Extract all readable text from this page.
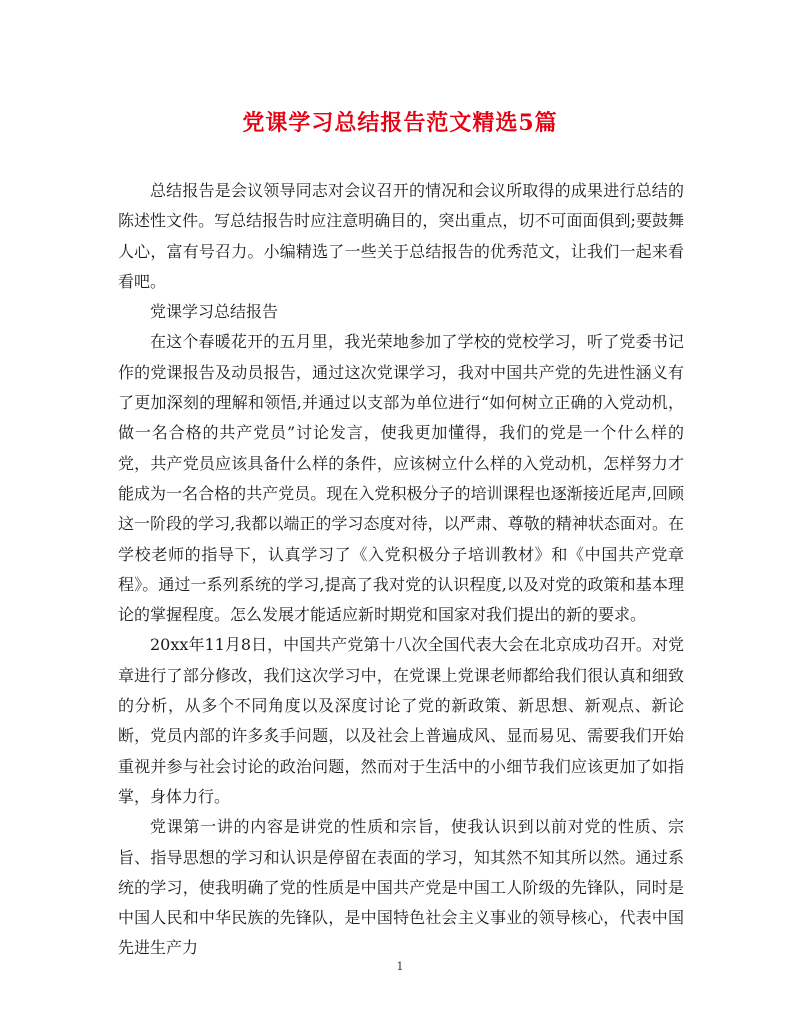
党课学习总结报告范文精选5篇

总结报告是会议领导同志对会议召开的情况和会议所取得的成果进行总结的陈述性文件。写总结报告时应注意明确目的，突出重点，切不可面面俱到;要鼓舞人心，富有号召力。小编精选了一些关于总结报告的优秀范文，让我们一起来看看吧。

党课学习总结报告

在这个春暖花开的五月里，我光荣地参加了学校的党校学习，听了党委书记作的党课报告及动员报告，通过这次党课学习，我对中国共产党的先进性涵义有了更加深刻的理解和领悟,并通过以支部为单位进行“如何树立正确的入党动机，做一名合格的共产党员”讨论发言，使我更加懂得，我们的党是一个什么样的党，共产党员应该具备什么样的条件，应该树立什么样的入党动机，怎样努力才能成为一名合格的共产党员。现在入党积极分子的培训课程也逐渐接近尾声,回顾这一阶段的学习,我都以端正的学习态度对待，以严肃、尊敬的精神状态面对。在学校老师的指导下，认真学习了《入党积极分子培训教材》和《中国共产党章程》。通过一系列系统的学习,提高了我对党的认识程度,以及对党的政策和基本理论的掌握程度。怎么发展才能适应新时期党和国家对我们提出的新的要求。

20xx年11月8日，中国共产党第十八次全国代表大会在北京成功召开。对党章进行了部分修改，我们这次学习中，在党课上党课老师都给我们很认真和细致的分析，从多个不同角度以及深度讨论了党的新政策、新思想、新观点、新论断，党员内部的许多炙手问题，以及社会上普遍成风、显而易见、需要我们开始重视并参与社会讨论的政治问题，然而对于生活中的小细节我们应该更加了如指掌，身体力行。

党课第一讲的内容是讲党的性质和宗旨，使我认识到以前对党的性质、宗旨、指导思想的学习和认识是停留在表面的学习，知其然不知其所以然。通过系统的学习，使我明确了党的性质是中国共产党是中国工人阶级的先锋队，同时是中国人民和中华民族的先锋队，是中国特色社会主义事业的领导核心，代表中国先进生产力

1
